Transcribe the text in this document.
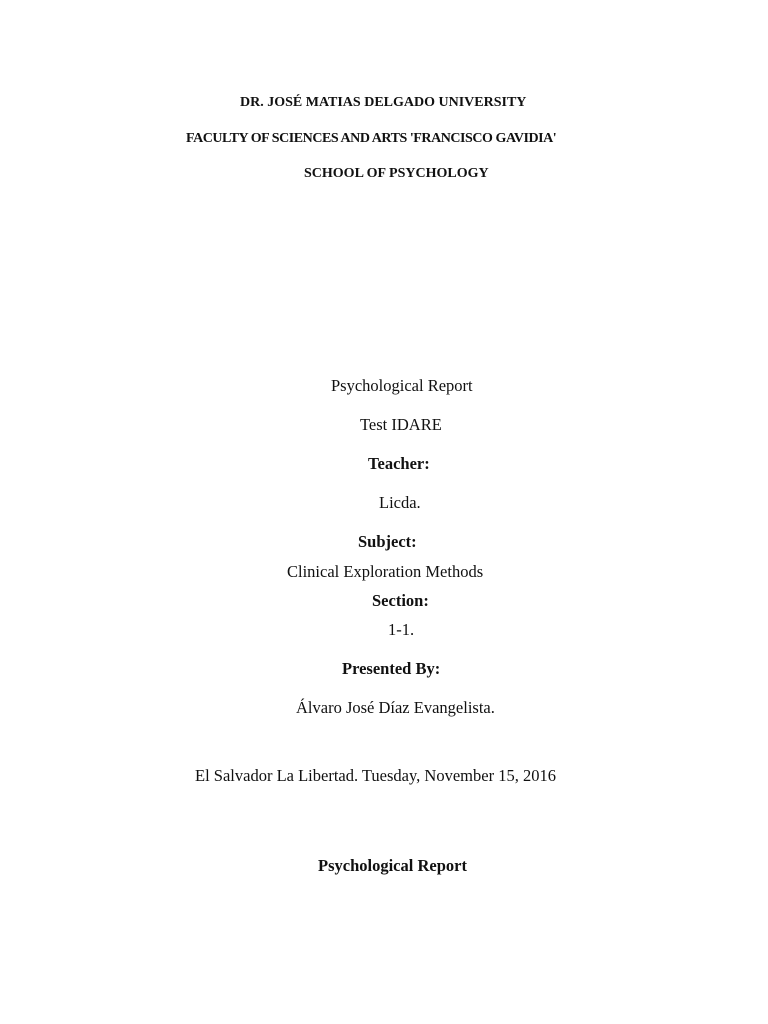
DR. JOSÉ MATIAS DELGADO UNIVERSITY
FACULTY OF SCIENCES AND ARTS 'FRANCISCO GAVIDIA'
SCHOOL OF PSYCHOLOGY
Psychological Report
Test IDARE
Teacher:
Licda.
Subject:
Clinical Exploration Methods
Section:
1-1.
Presented By:
Álvaro José Díaz Evangelista.
El Salvador La Libertad. Tuesday, November 15, 2016
Psychological Report
